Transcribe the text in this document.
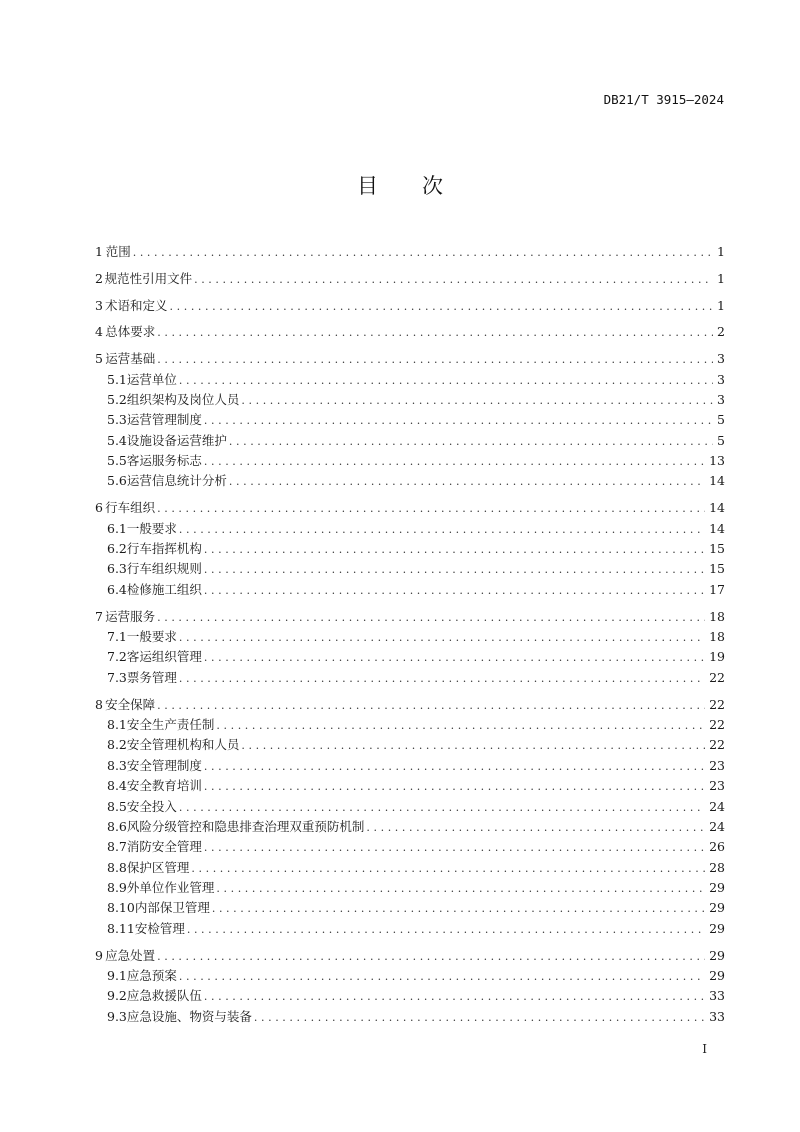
DB21/T 3915—2024
目 次
1 范围 .....	1
2 规范性引用文件 .....	1
3 术语和定义 .....	1
4 总体要求 .....	2
5 运营基础 .....	3
5.1 运营单位 .....	3
5.2 组织架构及岗位人员 .....	3
5.3 运营管理制度 .....	5
5.4 设施设备运营维护 .....	5
5.5 客运服务标志 .....	13
5.6 运营信息统计分析 .....	14
6 行车组织 .....	14
6.1 一般要求 .....	14
6.2 行车指挥机构 .....	15
6.3 行车组织规则 .....	15
6.4 检修施工组织 .....	17
7 运营服务 .....	18
7.1 一般要求 .....	18
7.2 客运组织管理 .....	19
7.3 票务管理 .....	22
8 安全保障 .....	22
8.1 安全生产责任制 .....	22
8.2 安全管理机构和人员 .....	22
8.3 安全管理制度 .....	23
8.4 安全教育培训 .....	23
8.5 安全投入 .....	24
8.6 风险分级管控和隐患排查治理双重预防机制 .....	24
8.7 消防安全管理 .....	26
8.8 保护区管理 .....	28
8.9 外单位作业管理 .....	29
8.10 内部保卫管理 .....	29
8.11 安检管理 .....	29
9 应急处置 .....	29
9.1 应急预案 .....	29
9.2 应急救援队伍 .....	33
9.3 应急设施、物资与装备 .....	33
I
